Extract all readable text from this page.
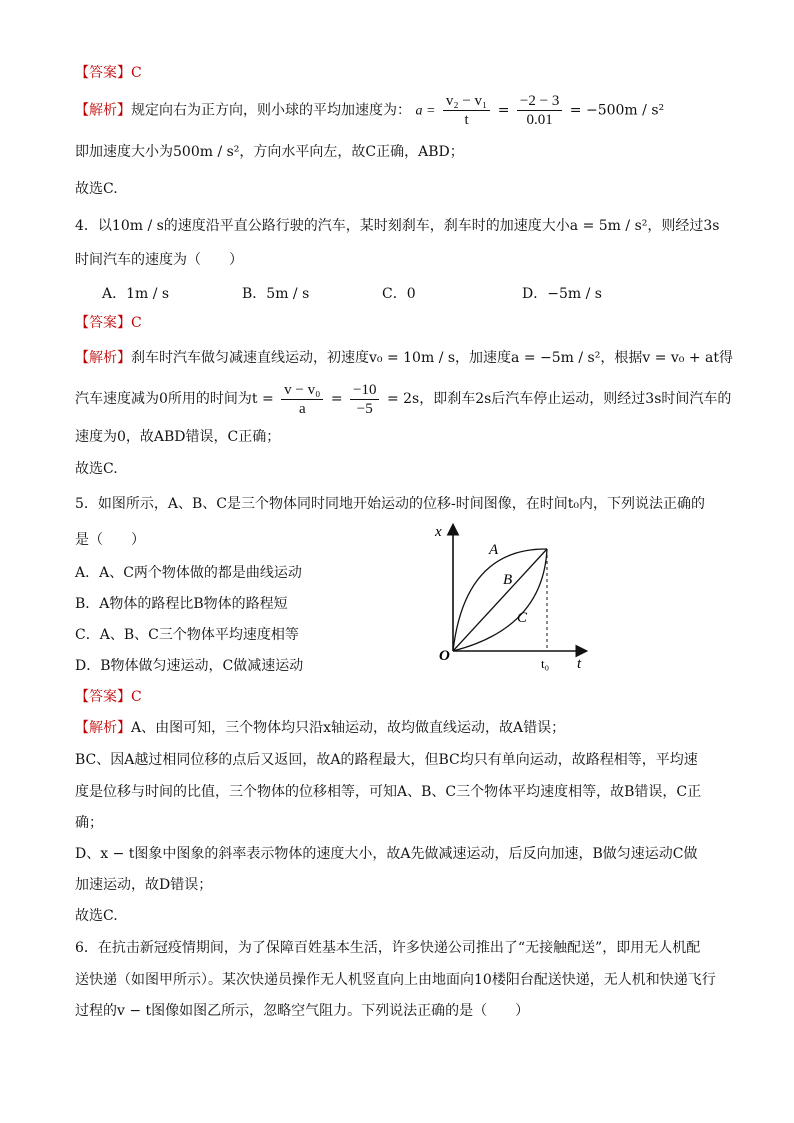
【答案】C
【解析】规定向右为正方向，则小球的平均加速度为： $a = \frac{\text{v₂ − v₁}}{t} = \frac{-2 - 3}{0.01} = -500m / s^2$
即加速度大小为500m / s²，方向水平向左，故C正确，ABD；
故选C.
4．以10m / s的速度沿平直公路行驶的汽车，某时刻刹车，刹车时的加速度大小a = 5m / s²，则经过3s
时间汽车的速度为（　　）
A．1m / s	B．5m / s	C．0	D．−5m / s
【答案】C
【解析】刹车时汽车做匀减速直线运动，初速度v₀ = 10m / s，加速度a = −5m / s²，根据v = v₀ + at得
汽车速度减为0所用的时间为$t = \frac{\text{v − v₀}}{a} = \frac{-10}{-5} = 2s$，即刹车2s后汽车停止运动，则经过3s时间汽车的
速度为0，故ABD错误，C正确；
故选C.
5．如图所示，A、B、C是三个物体同时同地开始运动的位移-时间图像，在时间t₀内，下列说法正确的
是（　　）
A．A、C两个物体做的都是曲线运动
B．A物体的路程比B物体的路程短
C．A、B、C三个物体平均速度相等
D．B物体做匀速运动，C做减速运动
x
t
O	t₀
A
B
C
【答案】C
【解析】A、由图可知，三个物体均只沿x轴运动，故均做直线运动，故A错误；
BC、因A越过相同位移的点后又返回，故A的路程最大，但BC均只有单向运动，故路程相等，平均速
度是位移与时间的比值，三个物体的位移相等，可知A、B、C三个物体平均速度相等，故B错误，C正
确；
D、x − t图象中图象的斜率表示物体的速度大小，故A先做减速运动，后反向加速，B做匀速运动C做
加速运动，故D错误；
故选C.
6．在抗击新冠疫情期间，为了保障百姓基本生活，许多快递公司推出了“无接触配送”，即用无人机配
送快递（如图甲所示）。某次快递员操作无人机竖直向上由地面向10楼阳台配送快递，无人机和快递飞行
过程的v − t图像如图乙所示，忽略空气阻力。下列说法正确的是（　　）
